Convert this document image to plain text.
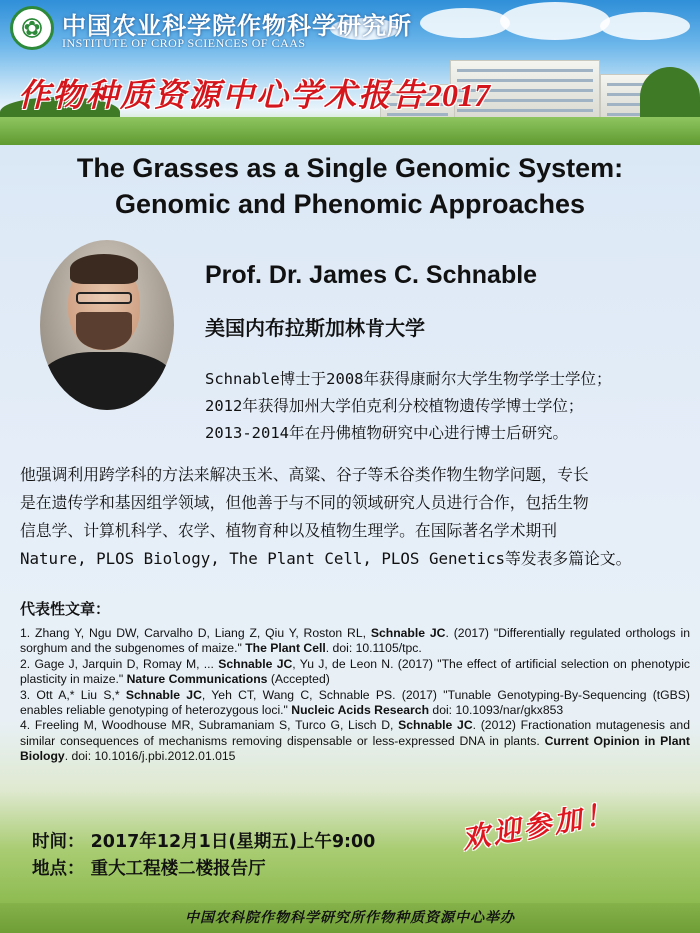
✿ 中国农业科学院作物科学研究所
INSTITUTE OF CROP SCIENCES OF CAAS
作物种质资源中心学术报告2017
The Grasses as a Single Genomic System:
Genomic and Phenomic Approaches
Prof. Dr. James C. Schnable
美国内布拉斯加林肯大学
Schnable博士于2008年获得康耐尔大学生物学学士学位；
2012年获得加州大学伯克利分校植物遗传学博士学位；
2013-2014年在丹佛植物研究中心进行博士后研究。
他强调利用跨学科的方法来解决玉米、高粱、谷子等禾谷类作物生物学问题，专长
是在遗传学和基因组学领域，但他善于与不同的领域研究人员进行合作，包括生物
信息学、计算机科学、农学、植物育种以及植物生理学。在国际著名学术期刊
Nature, PLOS Biology, The Plant Cell, PLOS Genetics等发表多篇论文。
代表性文章：
1. Zhang Y, Ngu DW, Carvalho D, Liang Z, Qiu Y, Roston RL, Schnable JC. (2017) "Differentially regulated orthologs in sorghum and the subgenomes of maize." The Plant Cell. doi: 10.1105/tpc.
2. Gage J, Jarquin D, Romay M, ... Schnable JC, Yu J, de Leon N. (2017) "The effect of artificial selection on phenotypic plasticity in maize." Nature Communications (Accepted)
3. Ott A,* Liu S,* Schnable JC, Yeh CT, Wang C, Schnable PS. (2017) "Tunable Genotyping-By-Sequencing (tGBS) enables reliable genotyping of heterozygous loci." Nucleic Acids Research doi: 10.1093/nar/gkx853
4. Freeling M, Woodhouse MR, Subramaniam S, Turco G, Lisch D, Schnable JC. (2012) Fractionation mutagenesis and similar consequences of mechanisms removing dispensable or less-expressed DNA in plants. Current Opinion in Plant Biology. doi: 10.1016/j.pbi.2012.01.015
时间： 2017年12月1日(星期五)上午9:00
地点： 重大工程楼二楼报告厅
欢迎参加！
中国农科院作物科学研究所作物种质资源中心举办
